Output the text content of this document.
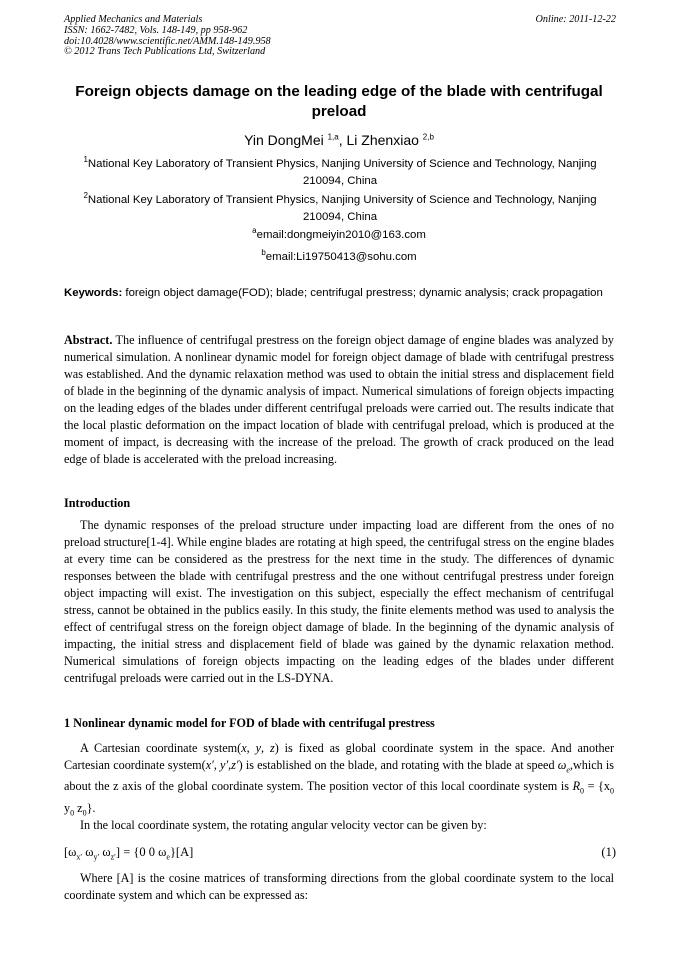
Applied Mechanics and Materials
ISSN: 1662-7482, Vols. 148-149, pp 958-962
doi:10.4028/www.scientific.net/AMM.148-149.958
© 2012 Trans Tech Publications Ltd, Switzerland
Online: 2011-12-22
Foreign objects damage on the leading edge of the blade with centrifugal preload
Yin DongMei $^{1,a}$, Li Zhenxiao $^{2,b}$
$^1$National Key Laboratory of Transient Physics, Nanjing University of Science and Technology, Nanjing 210094, China
$^2$National Key Laboratory of Transient Physics, Nanjing University of Science and Technology, Nanjing 210094, China
$^a$email:dongmeiyin2010@163.com
$^b$email:Li19750413@sohu.com
Keywords: foreign object damage(FOD); blade; centrifugal prestress; dynamic analysis; crack propagation
Abstract. The influence of centrifugal prestress on the foreign object damage of engine blades was analyzed by numerical simulation. A nonlinear dynamic model for foreign object damage of blade with centrifugal prestress was established. And the dynamic relaxation method was used to obtain the initial stress and displacement field of blade in the beginning of the dynamic analysis of impact. Numerical simulations of foreign objects impacting on the leading edges of the blades under different centrifugal preloads were carried out. The results indicate that the local plastic deformation on the impact location of blade with centrifugal preload, which is produced at the moment of impact, is decreasing with the increase of the preload. The growth of crack produced on the lead edge of blade is accelerated with the preload increasing.
Introduction
The dynamic responses of the preload structure under impacting load are different from the ones of no preload structure[1-4]. While engine blades are rotating at high speed, the centrifugal stress on the engine blades at every time can be considered as the prestress for the next time in the study. The differences of dynamic responses between the blade with centrifugal prestress and the one without centrifugal prestress under foreign object impacting will exist. The investigation on this subject, especially the effect mechanism of centrifugal stress, cannot be obtained in the publics easily. In this study, the finite elements method was used to analysis the effect of centrifugal stress on the foreign object damage of blade. In the beginning of the dynamic analysis of impacting, the initial stress and displacement field of blade was gained by the dynamic relaxation method. Numerical simulations of foreign objects impacting on the leading edges of the blades under different centrifugal preloads were carried out in the LS-DYNA.
1 Nonlinear dynamic model for FOD of blade with centrifugal prestress
A Cartesian coordinate system(x, y, z) is fixed as global coordinate system in the space. And another Cartesian coordinate system(x′, y′,z′) is established on the blade, and rotating with the blade at speed $\omega_e,which$ is about the z axis of the global coordinate system. The position vector of this local coordinate system is $R_0 = \{x_0$ $y_0$ $z_0$}.
In the local coordinate system, the rotating angular velocity vector can be given by:
[$\omega_{x'}$ $\omega_{y'}$ $\omega_{z'}] = \{0$ 0 $\omega_e\}[A]$	(1)
Where [A] is the cosine matrices of transforming directions from the global coordinate system to the local coordinate system and which can be expressed as:
